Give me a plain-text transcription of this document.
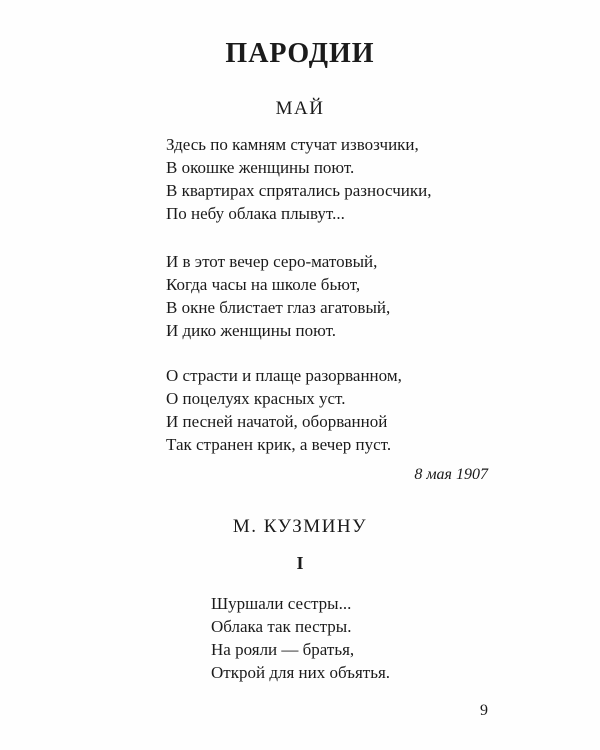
ПАРОДИИ
МАЙ
Здесь по камням стучат извозчики,
В окошке женщины поют.
В квартирах спрятались разносчики,
По небу облака плывут...
И в этот вечер серо-матовый,
Когда часы на школе бьют,
В окне блистает глаз агатовый,
И дико женщины поют.
О страсти и плаще разорванном,
О поцелуях красных уст.
И песней начатой, оборванной
Так странен крик, а вечер пуст.

8 мая 1907

М. КУЗМИНУ

I

Шуршали сестры...
Облака так пестры.
На рояли — братья,
Открой для них объятья.

9
